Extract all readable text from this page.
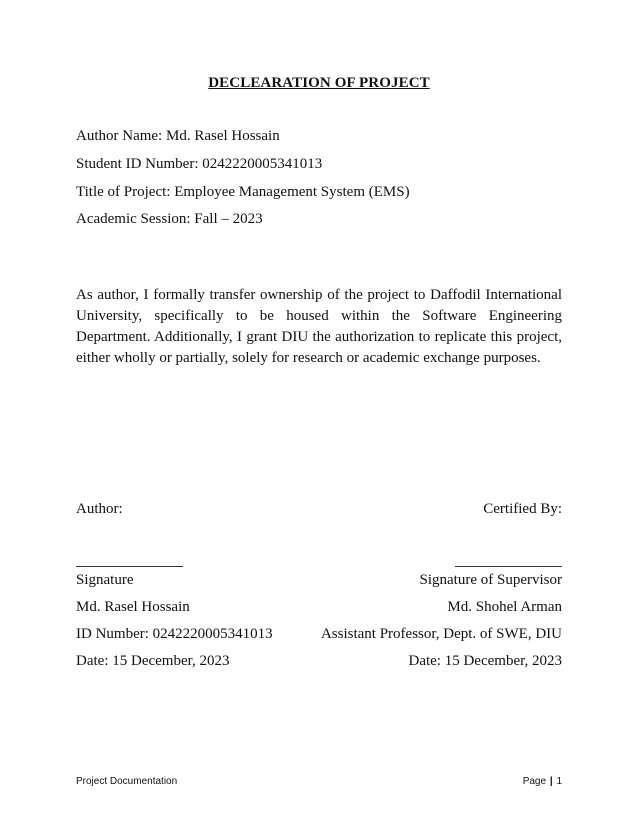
DECLEARATION OF PROJECT
Author Name: Md. Rasel Hossain
Student ID Number: 0242220005341013
Title of Project: Employee Management System (EMS)
Academic Session: Fall – 2023
As author, I formally transfer ownership of the project to Daffodil International University, specifically to be housed within the Software Engineering Department. Additionally, I grant DIU the authorization to replicate this project, either wholly or partially, solely for research or academic exchange purposes.
Author:
Signature
Md. Rasel Hossain
ID Number: 0242220005341013
Date: 15 December, 2023
Certified By:
Signature of Supervisor
Md. Shohel Arman
Assistant Professor, Dept. of SWE, DIU
Date: 15 December, 2023
Project Documentation	Page | 1
